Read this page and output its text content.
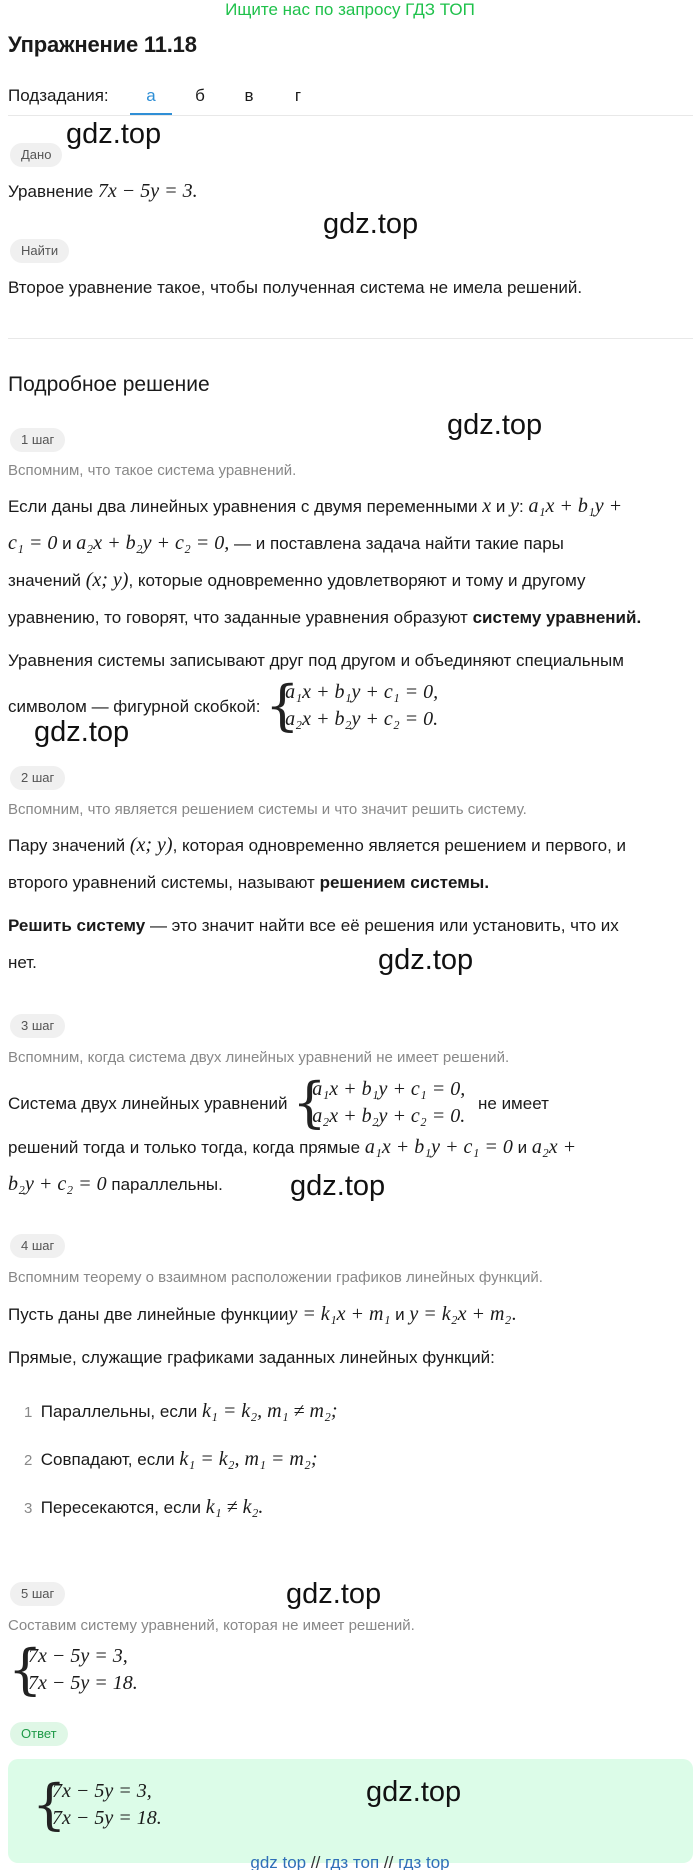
Ищите нас по запросу ГДЗ ТОП
Упражнение 11.18
Подзадания:	а	б	в	г
Дано
gdz.top
Уравнение 7x − 5y = 3.
gdz.top
Найти
Второе уравнение такое, чтобы полученная система не имела решений.
Подробное решение
1 шаг	gdz.top
Вспомним, что такое система уравнений.
Если даны два линейных уравнения с двумя переменными x и y: a₁x + b₁y +
c₁ = 0 и a₂x + b₂y + c₂ = 0, — и поставлена задача найти такие пары
значений (x; y), которые одновременно удовлетворяют и тому и другому
уравнению, то говорят, что заданные уравнения образуют систему уравнений.
Уравнения системы записывают друг под другом и объединяют специальным
символом — фигурной скобкой: {
a₁x + b₁y + c₁ = 0,
a₂x + b₂y + c₂ = 0.
gdz.top
2 шаг
Вспомним, что является решением системы и что значит решить систему.
Пару значений (x; y), которая одновременно является решением и первого, и
второго уравнений системы, называют решением системы.
Решить систему — это значит найти все её решения или установить, что их
нет.	gdz.top
3 шаг
Вспомним, когда система двух линейных уравнений не имеет решений.
Система двух линейных уравнений {
a₁x + b₁y + c₁ = 0,
a₂x + b₂y + c₂ = 0.
не имеет
решений тогда и только тогда, когда прямые a₁x + b₁y + c₁ = 0 и a₂x +
b₂y + c₂ = 0 параллельны.	gdz.top
4 шаг
Вспомним теорему о взаимном расположении графиков линейных функций.
Пусть даны две линейные функцииy = k₁x + m₁ и y = k₂x + m₂.
Прямые, служащие графиками заданных линейных функций:
1 Параллельны, если k₁ = k₂, m₁ ≠ m₂;
2 Совпадают, если k₁ = k₂, m₁ = m₂;
3 Пересекаются, если k₁ ≠ k₂.
5 шаг	gdz.top
Составим систему уравнений, которая не имеет решений.
{
7x − 5y = 3,
7x − 5y = 18.
Ответ
{
7x − 5y = 3,
7x − 5y = 18.
gdz.top
gdz top // гдз топ // гдз top
